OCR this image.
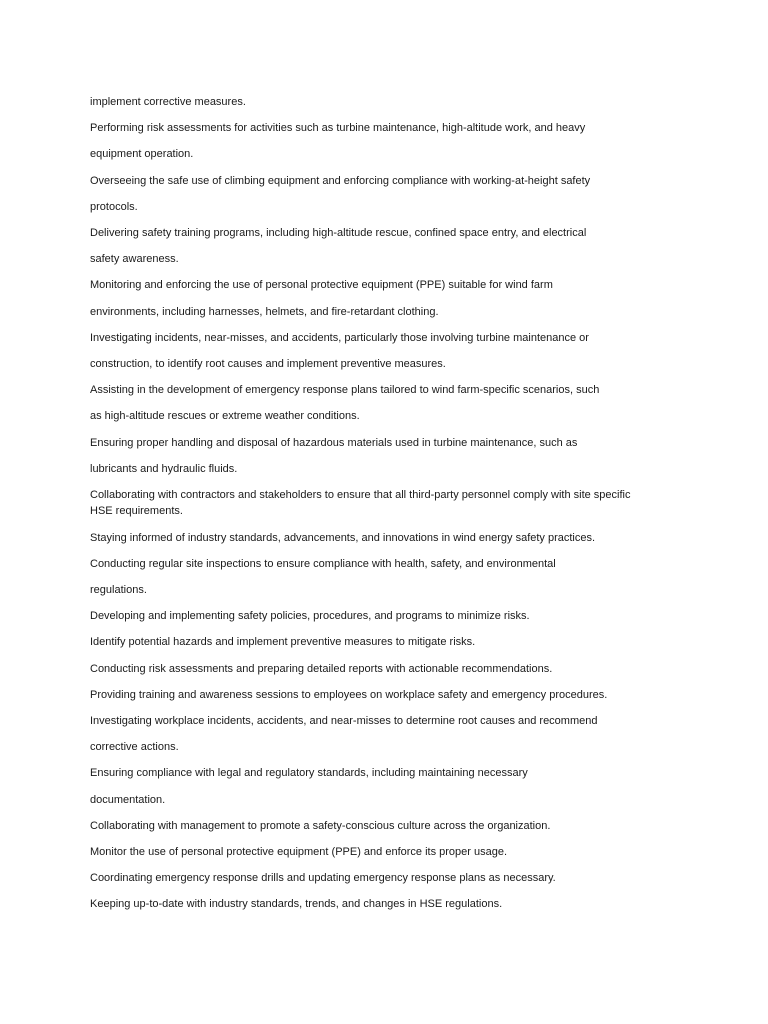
implement corrective measures.

Performing risk assessments for activities such as turbine maintenance, high-altitude work, and heavy

equipment operation.

Overseeing the safe use of climbing equipment and enforcing compliance with working-at-height safety

protocols.

Delivering safety training programs, including high-altitude rescue, confined space entry, and electrical

safety awareness.

Monitoring and enforcing the use of personal protective equipment (PPE) suitable for wind farm

environments, including harnesses, helmets, and fire-retardant clothing.

Investigating incidents, near-misses, and accidents, particularly those involving turbine maintenance or

construction, to identify root causes and implement preventive measures.

Assisting in the development of emergency response plans tailored to wind farm-specific scenarios, such

as high-altitude rescues or extreme weather conditions.

Ensuring proper handling and disposal of hazardous materials used in turbine maintenance, such as

lubricants and hydraulic fluids.

Collaborating with contractors and stakeholders to ensure that all third-party personnel comply with site specific
HSE requirements.

Staying informed of industry standards, advancements, and innovations in wind energy safety practices.

Conducting regular site inspections to ensure compliance with health, safety, and environmental

regulations.

Developing and implementing safety policies, procedures, and programs to minimize risks.

Identify potential hazards and implement preventive measures to mitigate risks.

Conducting risk assessments and preparing detailed reports with actionable recommendations.

Providing training and awareness sessions to employees on workplace safety and emergency procedures.

Investigating workplace incidents, accidents, and near-misses to determine root causes and recommend

corrective actions.

Ensuring compliance with legal and regulatory standards, including maintaining necessary

documentation.

Collaborating with management to promote a safety-conscious culture across the organization.

Monitor the use of personal protective equipment (PPE) and enforce its proper usage.

Coordinating emergency response drills and updating emergency response plans as necessary.

Keeping up-to-date with industry standards, trends, and changes in HSE regulations.
